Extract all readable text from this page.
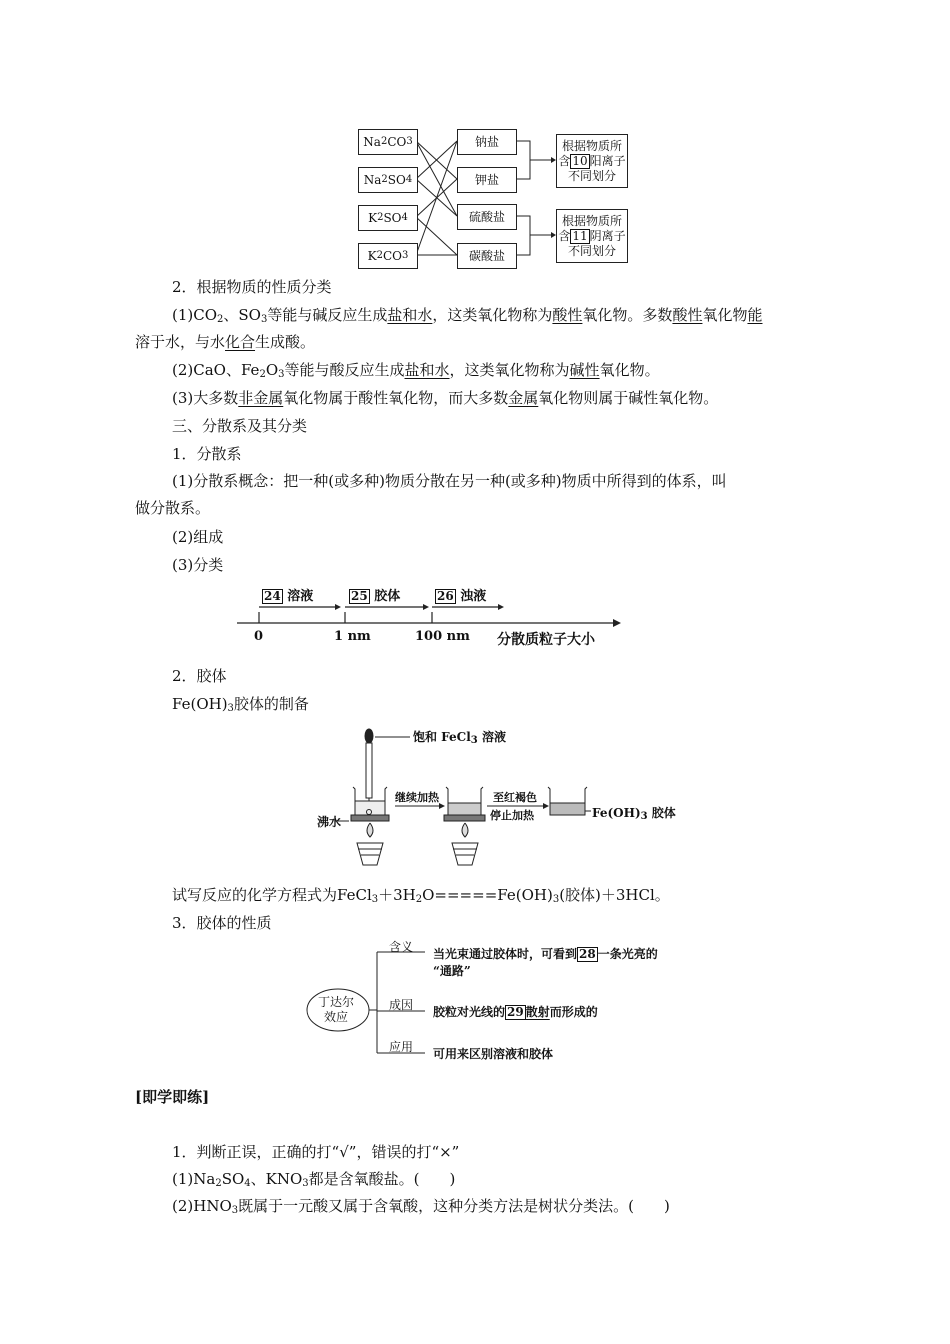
Na 2 CO 3
Na 2 SO 4
K 2 SO 4
K 2 CO 3
钠盐
钾盐
硫酸盐
碳酸盐
根据物质所
含 10 阳离子
不同划分
根据物质所
含 11 阴离子
不同划分
2．根据物质的性质分类
$(1)CO_2$、$SO_3$等能与碱反应生成盐和水，这类氧化物称为酸性氧化物。多数酸性氧化物能
溶于水，与水化合生成酸。
(2)CaO、$Fe_2O_3$等能与酸反应生成盐和水，这类氧化物称为碱性氧化物。
(3)大多数非金属氧化物属于酸性氧化物，而大多数金属氧化物则属于碱性氧化物。
三、分散系及其分类
1．分散系
(1)分散系概念：把一种(或多种)物质分散在另一种(或多种)物质中所得到的体系，叫
做分散系。
(2)组成
(3)分类
24 溶液	25 胶体	26 浊液
0	1 nm	100 nm 分散质粒子大小
2．胶体
$Fe(OH)_3$胶体的制备
饱和 FeCl$_3$ 溶液
沸水
继续加热	至红褐色
停止加热	$Fe(OH)_3$ 胶体
试写反应的化学方程式为$FeCl_3+3H_2O=====Fe(OH)_3$(胶体)＋3HCl。
3．胶体的性质
丁达尔
效应
含义 当光束通过胶体时，可看到 28 一条光亮的
“通路”
成因 胶粒对光线的 29 散射而形成的
应用 可用来区别溶液和胶体
[即学即练]
1．判断正误，正确的打“√”，错误的打“×”
$(1)Na_2SO_4$、$KNO_3$都是含氧酸盐。(　　)
$(2)HNO_3$既属于一元酸又属于含氧酸，这种分类方法是树状分类法。(　　)
